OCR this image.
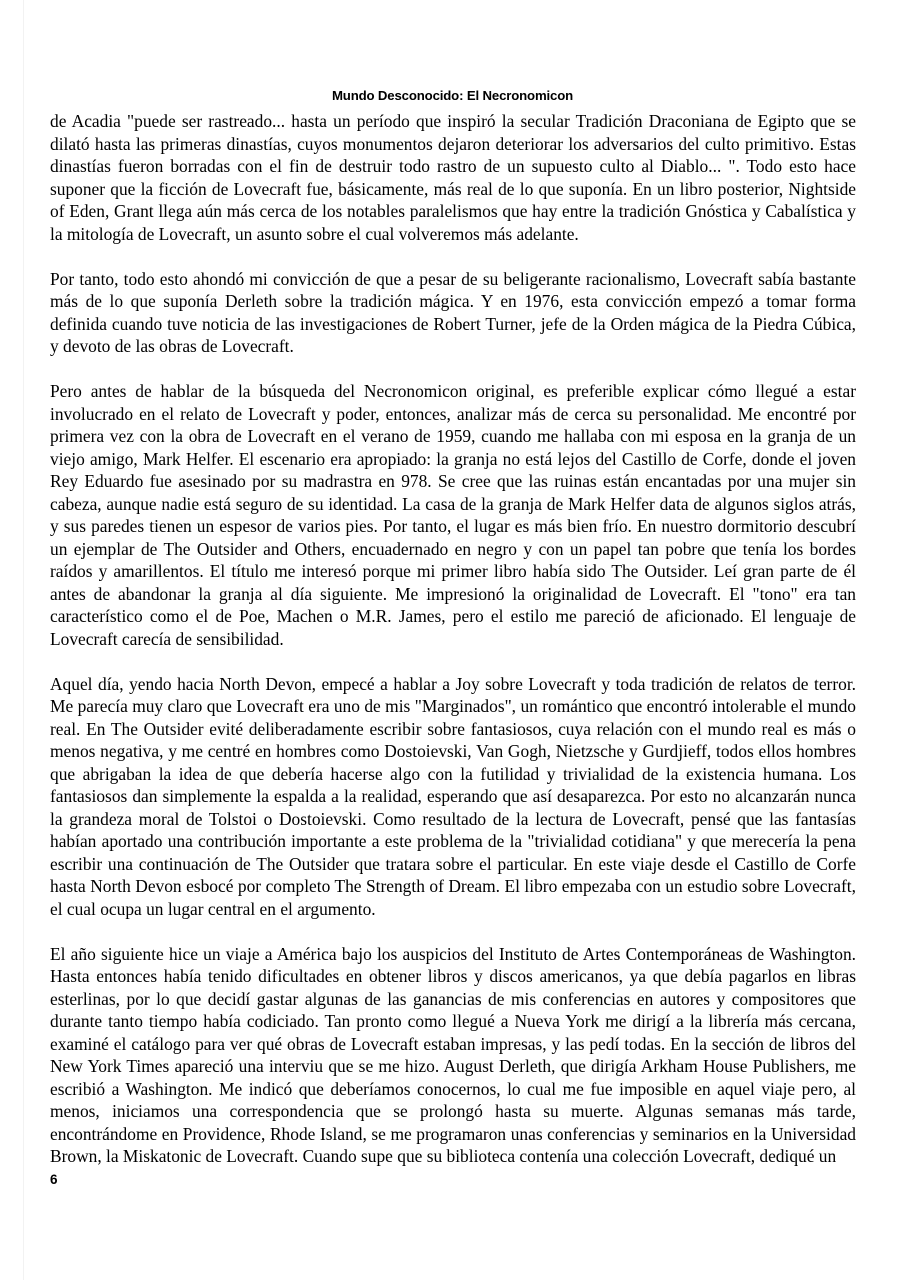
Mundo Desconocido: El Necronomicon

de Acadia "puede ser rastreado... hasta un período que inspiró la secular Tradición Draconiana de Egipto que se dilató hasta las primeras dinastías, cuyos monumentos dejaron deteriorar los adversarios del culto primitivo. Estas dinastías fueron borradas con el fin de destruir todo rastro de un supuesto culto al Diablo... ". Todo esto hace suponer que la ficción de Lovecraft fue, básicamente, más real de lo que suponía. En un libro posterior, Nightside of Eden, Grant llega aún más cerca de los notables paralelismos que hay entre la tradición Gnóstica y Cabalística y la mitología de Lovecraft, un asunto sobre el cual volveremos más adelante.

Por tanto, todo esto ahondó mi convicción de que a pesar de su beligerante racionalismo, Lovecraft sabía bastante más de lo que suponía Derleth sobre la tradición mágica. Y en 1976, esta convicción empezó a tomar forma definida cuando tuve noticia de las investigaciones de Robert Turner, jefe de la Orden mágica de la Piedra Cúbica, y devoto de las obras de Lovecraft.

Pero antes de hablar de la búsqueda del Necronomicon original, es preferible explicar cómo llegué a estar involucrado en el relato de Lovecraft y poder, entonces, analizar más de cerca su personalidad. Me encontré por primera vez con la obra de Lovecraft en el verano de 1959, cuando me hallaba con mi esposa en la granja de un viejo amigo, Mark Helfer. El escenario era apropiado: la granja no está lejos del Castillo de Corfe, donde el joven Rey Eduardo fue asesinado por su madrastra en 978. Se cree que las ruinas están encantadas por una mujer sin cabeza, aunque nadie está seguro de su identidad. La casa de la granja de Mark Helfer data de algunos siglos atrás, y sus paredes tienen un espesor de varios pies. Por tanto, el lugar es más bien frío. En nuestro dormitorio descubrí un ejemplar de The Outsider and Others, encuadernado en negro y con un papel tan pobre que tenía los bordes raídos y amarillentos. El título me interesó porque mi primer libro había sido The Outsider. Leí gran parte de él antes de abandonar la granja al día siguiente. Me impresionó la originalidad de Lovecraft. El "tono" era tan característico como el de Poe, Machen o M.R. James, pero el estilo me pareció de aficionado. El lenguaje de Lovecraft carecía de sensibilidad.

Aquel día, yendo hacia North Devon, empecé a hablar a Joy sobre Lovecraft y toda tradición de relatos de terror. Me parecía muy claro que Lovecraft era uno de mis "Marginados", un romántico que encontró intolerable el mundo real. En The Outsider evité deliberadamente escribir sobre fantasiosos, cuya relación con el mundo real es más o menos negativa, y me centré en hombres como Dostoievski, Van Gogh, Nietzsche y Gurdjieff, todos ellos hombres que abrigaban la idea de que debería hacerse algo con la futilidad y trivialidad de la existencia humana. Los fantasiosos dan simplemente la espalda a la realidad, esperando que así desaparezca. Por esto no alcanzarán nunca la grandeza moral de Tolstoi o Dostoievski. Como resultado de la lectura de Lovecraft, pensé que las fantasías habían aportado una contribución importante a este problema de la "trivialidad cotidiana" y que merecería la pena escribir una continuación de The Outsider que tratara sobre el particular. En este viaje desde el Castillo de Corfe hasta North Devon esbocé por completo The Strength of Dream. El libro empezaba con un estudio sobre Lovecraft, el cual ocupa un lugar central en el argumento.

El año siguiente hice un viaje a América bajo los auspicios del Instituto de Artes Contemporáneas de Washington. Hasta entonces había tenido dificultades en obtener libros y discos americanos, ya que debía pagarlos en libras esterlinas, por lo que decidí gastar algunas de las ganancias de mis conferencias en autores y compositores que durante tanto tiempo había codiciado. Tan pronto como llegué a Nueva York me dirigí a la librería más cercana, examiné el catálogo para ver qué obras de Lovecraft estaban impresas, y las pedí todas. En la sección de libros del New York Times apareció una interviu que se me hizo. August Derleth, que dirigía Arkham House Publishers, me escribió a Washington. Me indicó que deberíamos conocernos, lo cual me fue imposible en aquel viaje pero, al menos, iniciamos una correspondencia que se prolongó hasta su muerte. Algunas semanas más tarde, encontrándome en Providence, Rhode Island, se me programaron unas conferencias y seminarios en la Universidad Brown, la Miskatonic de Lovecraft. Cuando supe que su biblioteca contenía una colección Lovecraft, dediqué un

6
